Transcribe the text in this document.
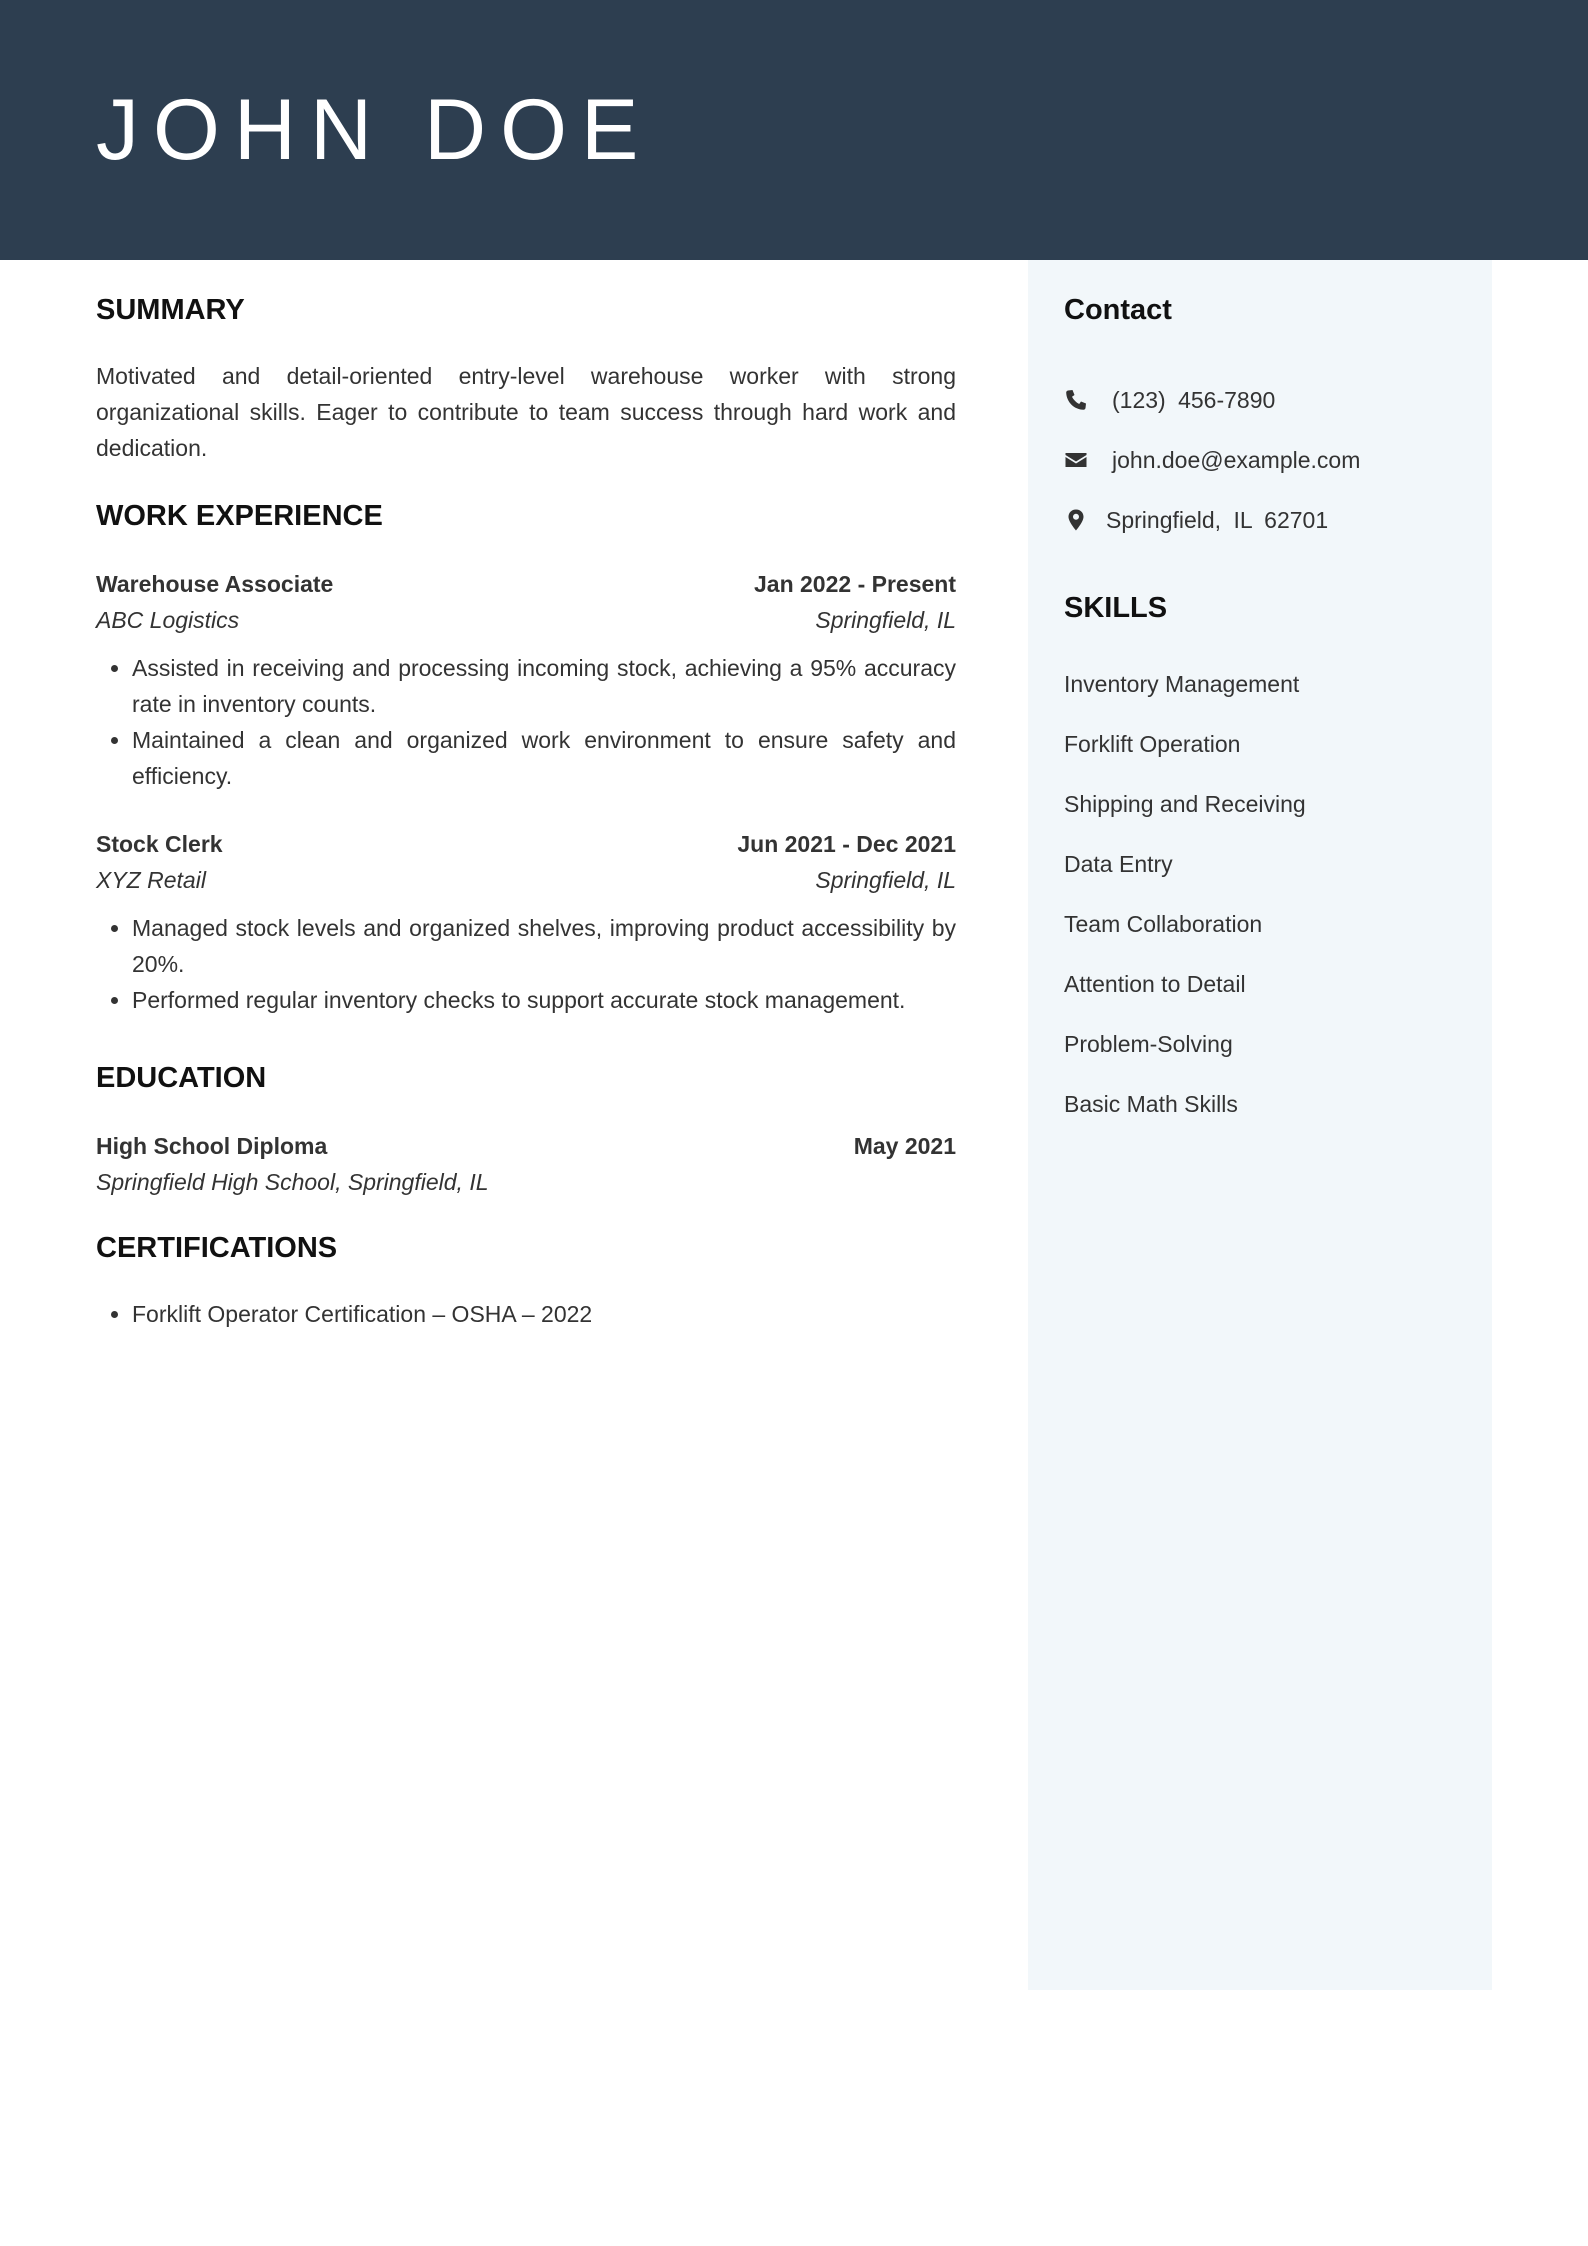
JOHN DOE
SUMMARY

Motivated and detail-oriented entry-level warehouse worker with strong organizational skills. Eager to contribute to team success through hard work and dedication.

WORK EXPERIENCE
Warehouse Associate	Jan 2022 - Present
ABC Logistics	Springfield, IL
• Assisted in receiving and processing incoming stock, achieving a 95% accuracy rate in inventory counts.
• Maintained a clean and organized work environment to ensure safety and efficiency.
Stock Clerk	Jun 2021 - Dec 2021
XYZ Retail	Springfield, IL
• Managed stock levels and organized shelves, improving product accessibility by 20%.
• Performed regular inventory checks to support accurate stock management.
EDUCATION
High School Diploma	May 2021
Springfield High School, Springfield, IL
CERTIFICATIONS
• Forklift Operator Certification – OSHA – 2022
Contact
(123) 456-7890
john.doe@example.com
Springfield, IL 62701
SKILLS
Inventory Management
Forklift Operation
Shipping and Receiving
Data Entry
Team Collaboration
Attention to Detail
Problem-Solving
Basic Math Skills
